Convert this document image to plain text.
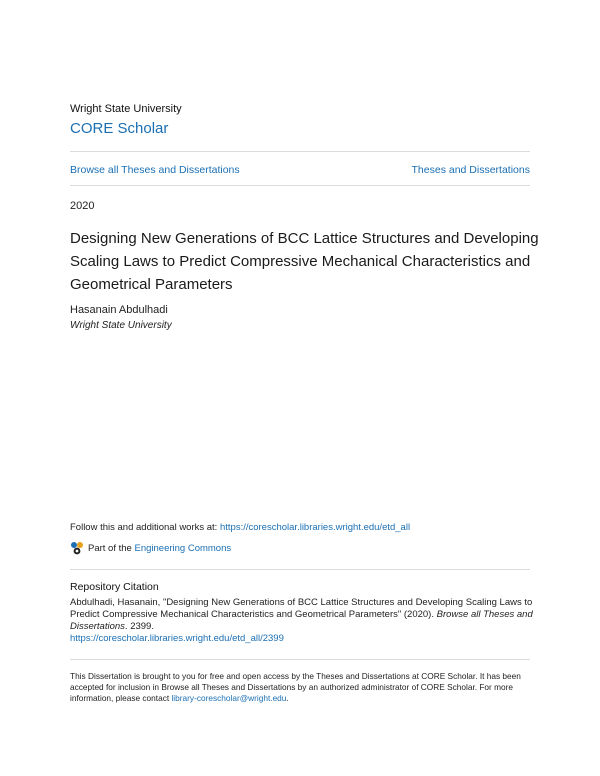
Wright State University
CORE Scholar
Browse all Theses and Dissertations	Theses and Dissertations
2020
Designing New Generations of BCC Lattice Structures and Developing Scaling Laws to Predict Compressive Mechanical Characteristics and Geometrical Parameters
Hasanain Abdulhadi
Wright State University
Follow this and additional works at: https://corescholar.libraries.wright.edu/etd_all
Part of the
Engineering Commons
Repository Citation
Abdulhadi, Hasanain, "Designing New Generations of BCC Lattice Structures and Developing Scaling Laws to Predict Compressive Mechanical Characteristics and Geometrical Parameters" (2020). Browse all Theses and Dissertations. 2399.
https://corescholar.libraries.wright.edu/etd_all/2399
This Dissertation is brought to you for free and open access by the Theses and Dissertations at CORE Scholar. It has been accepted for inclusion in Browse all Theses and Dissertations by an authorized administrator of CORE Scholar. For more information, please contact library-corescholar@wright.edu.
